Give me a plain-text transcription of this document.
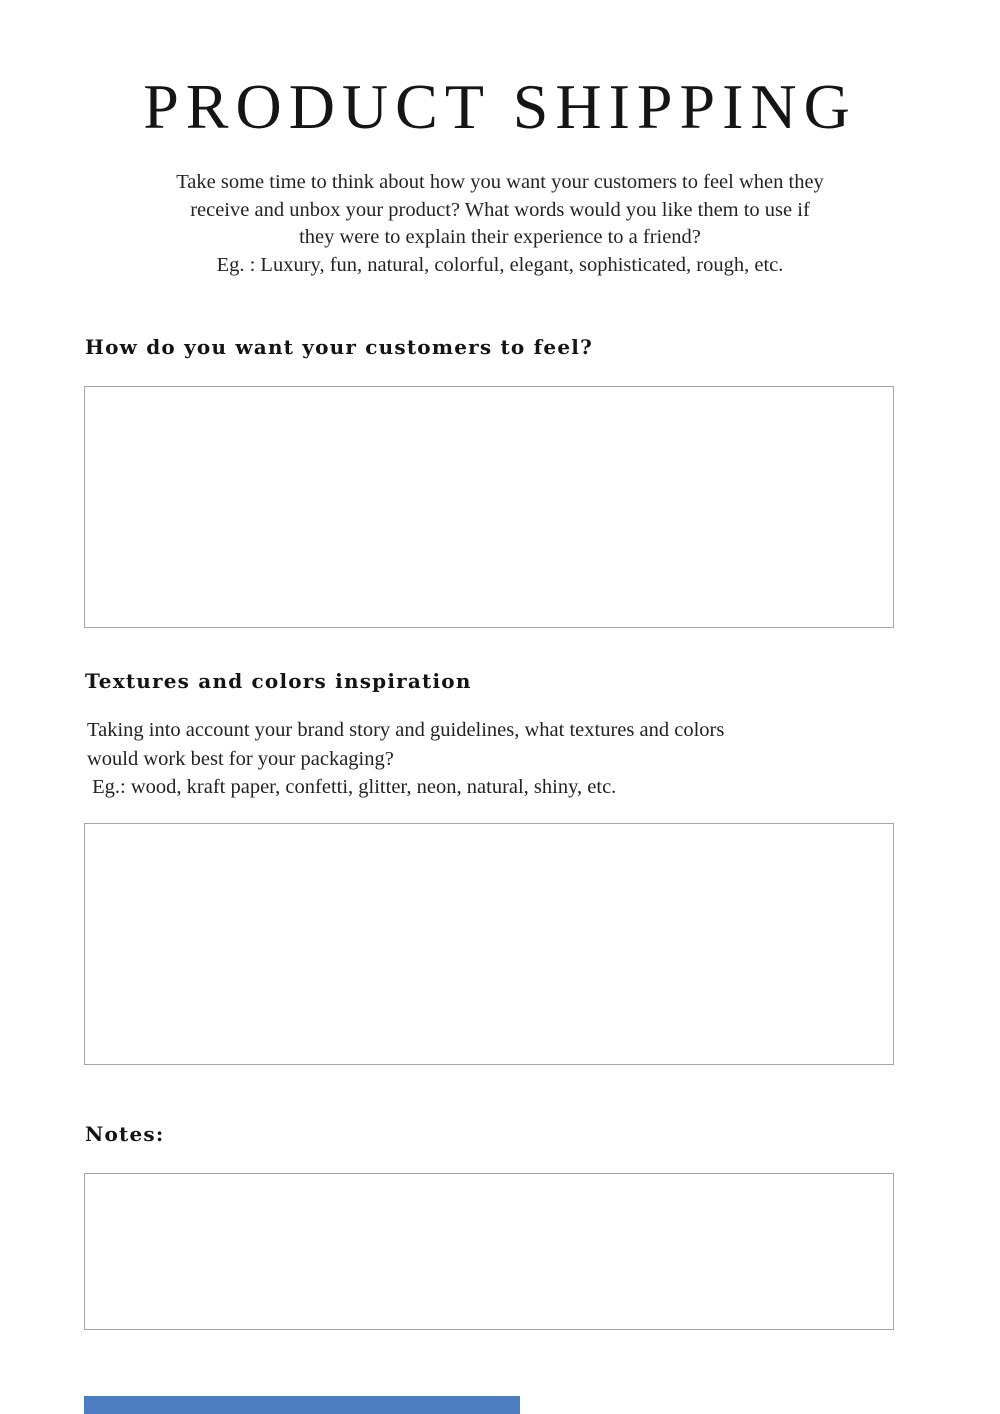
PRODUCT SHIPPING
Take some time to think about how you want your customers to feel when they
receive and unbox your product? What words would you like them to use if
they were to explain their experience to a friend?
Eg. : Luxury, fun, natural, colorful, elegant, sophisticated, rough, etc.
How do you want your customers to feel?
Textures and colors inspiration
Taking into account your brand story and guidelines, what textures and colors
would work best for your packaging?
Eg.: wood, kraft paper, confetti, glitter, neon, natural, shiny, etc.
Notes:
